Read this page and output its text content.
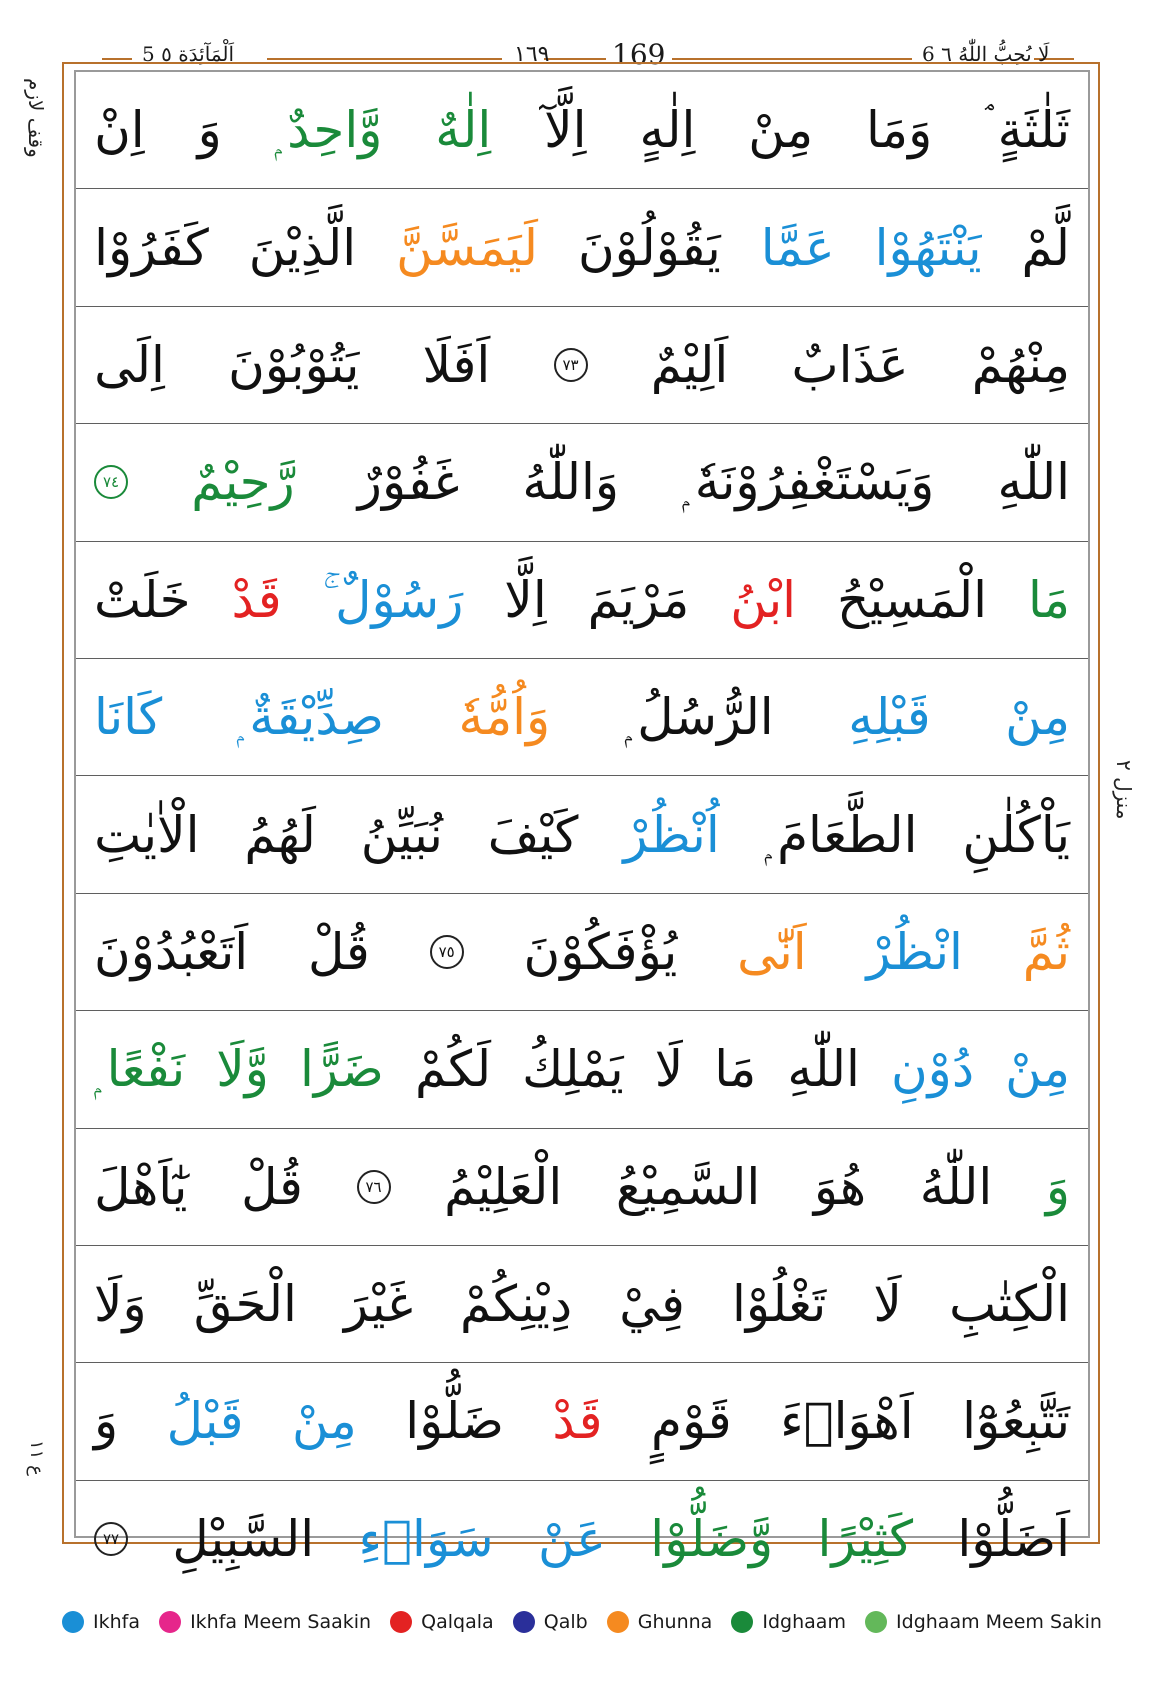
5 اَلْمَآئِدَة ٥	١٦٩ 169	6 لَا يُحِبُّ اللّٰهُ ٦
ثَلٰثَةٍ ۘ
وَمَا
مِنْ
اِلٰهٍ
اِلَّآ
اِلٰهٌ
وَّاحِدٌ ۭ
وَ
اِنْ
لَّمْ
يَنْتَهُوْا
عَمَّا
يَقُوْلُوْنَ
لَيَمَسَّنَّ
الَّذِيْنَ
كَفَرُوْا
مِنْهُمْ
عَذَابٌ
اَلِيْمٌ
٧٣
اَفَلَا
يَتُوْبُوْنَ
اِلَى
اللّٰهِ
وَيَسْتَغْفِرُوْنَهٗ ۭ
وَاللّٰهُ
غَفُوْرٌ
رَّحِيْمٌ
٧٤
مَا
الْمَسِيْحُ
ابْنُ
مَرْيَمَ
اِلَّا
رَسُوْلٌ ۚ
قَدْ
خَلَتْ
مِنْ
قَبْلِهِ
الرُّسُلُ ۭ
وَاُمُّهٗ
صِدِّيْقَةٌ ۭ
كَانَا
يَاْكُلٰنِ
الطَّعَامَ ۭ
اُنْظُرْ
كَيْفَ
نُبَيِّنُ
لَهُمُ
الْاٰيٰتِ
ثُمَّ
انْظُرْ
اَنّٰى
يُؤْفَكُوْنَ
٧٥
قُلْ
اَتَعْبُدُوْنَ
مِنْ
دُوْنِ
اللّٰهِ
مَا
لَا
يَمْلِكُ
لَكُمْ
ضَرًّا
وَّلَا
نَفْعًا ۭ
وَ
اللّٰهُ
هُوَ
السَّمِيْعُ
الْعَلِيْمُ
٧٦
قُلْ
يٰٓاَهْلَ
الْكِتٰبِ
لَا
تَغْلُوْا
فِيْ
دِيْنِكُمْ
غَيْرَ
الْحَقِّ
وَلَا
تَتَّبِعُوْٓا
اَهْوَاۗءَ
قَوْمٍ
قَدْ
ضَلُّوْا
مِنْ
قَبْلُ
وَ
اَضَلُّوْا
كَثِيْرًا
وَّضَلُّوْا
عَنْ
سَوَاۗءِ
السَّبِيْلِ
٧٧
وقف لازم
منزل ٢
ع ١١
Ikhfa	Ikhfa Meem Saakin	Qalqala	Qalb	Ghunna	Idghaam	Idghaam Meem Sakin
